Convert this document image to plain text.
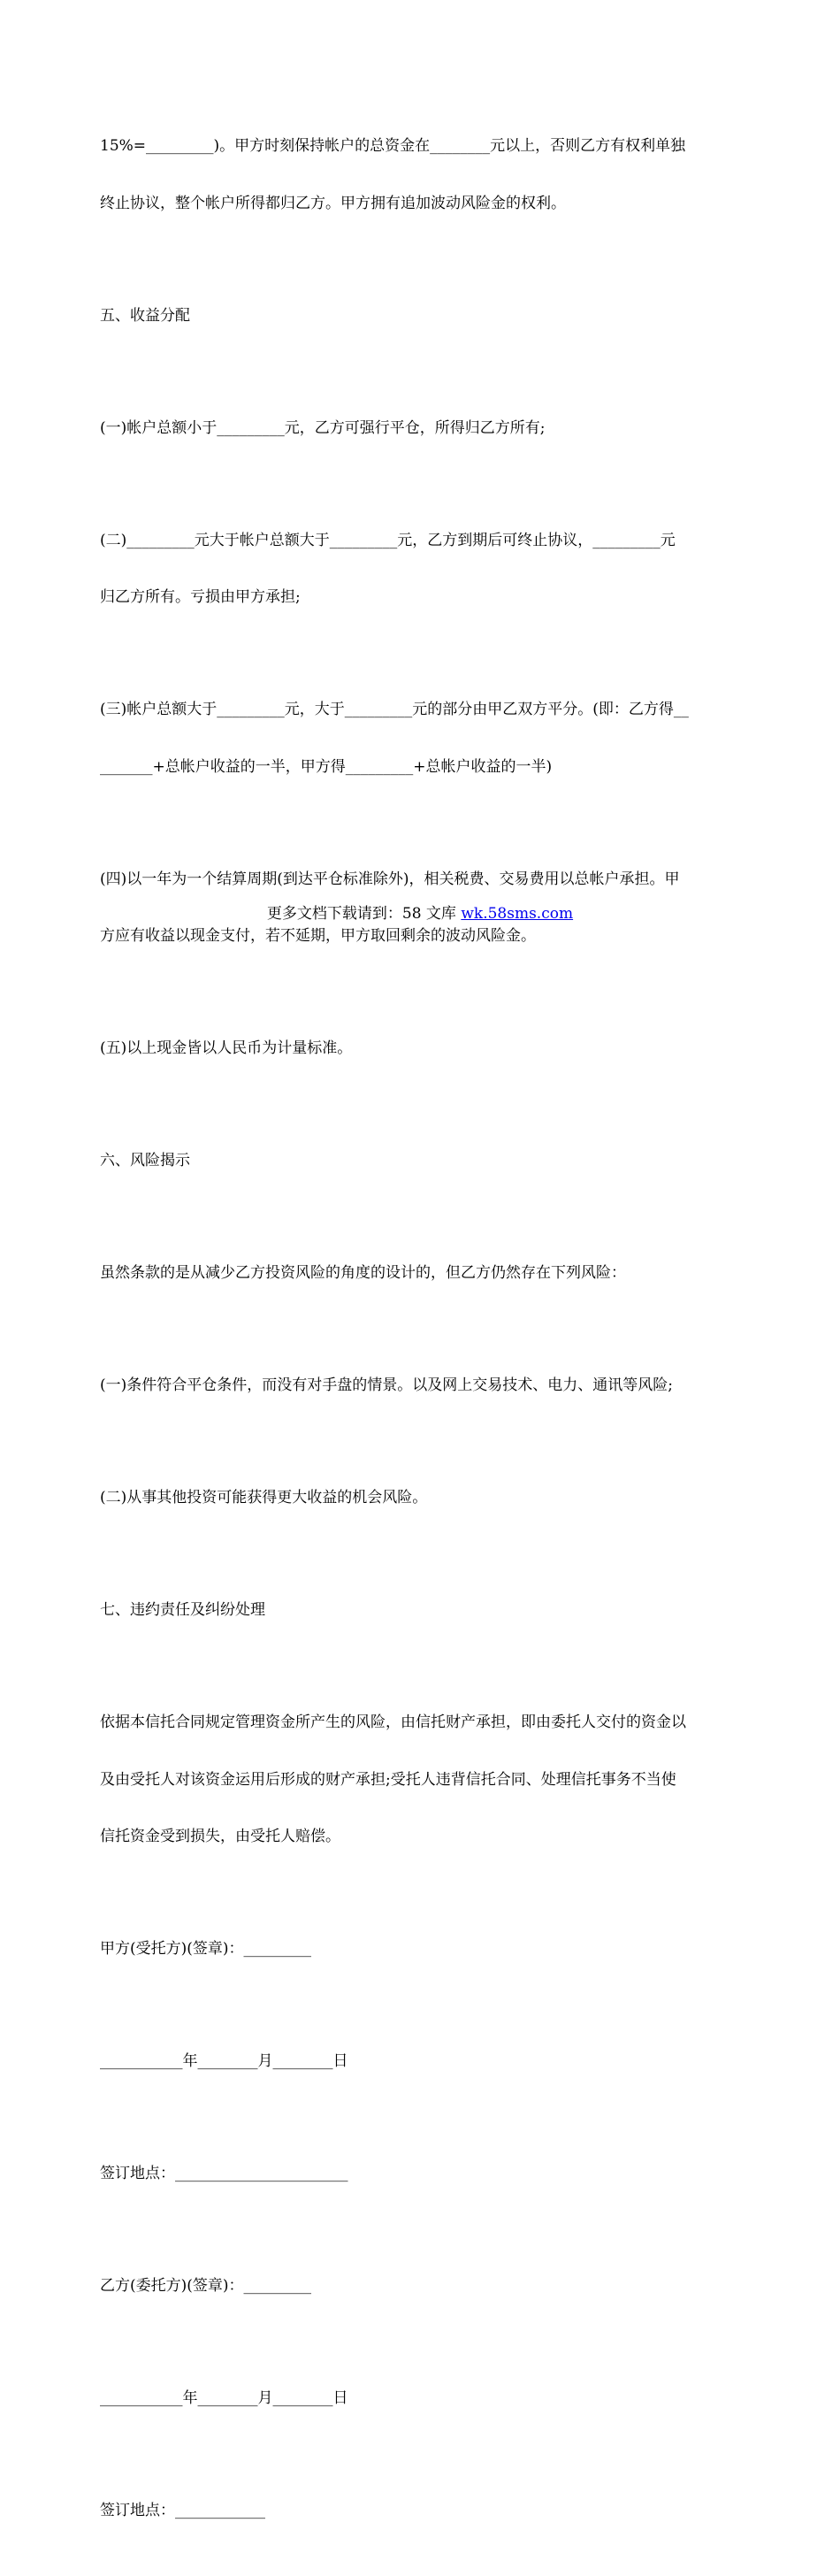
15%=_________)。甲方时刻保持帐户的总资金在________元以上，否则乙方有权利单独

终止协议，整个帐户所得都归乙方。甲方拥有追加波动风险金的权利。

五、收益分配

(一)帐户总额小于_________元，乙方可强行平仓，所得归乙方所有;

(二)_________元大于帐户总额大于_________元，乙方到期后可终止协议，_________元

归乙方所有。亏损由甲方承担;

(三)帐户总额大于_________元，大于_________元的部分由甲乙双方平分。(即：乙方得__

_______+总帐户收益的一半，甲方得_________+总帐户收益的一半)

(四)以一年为一个结算周期(到达平仓标准除外)，相关税费、交易费用以总帐户承担。甲

方应有收益以现金支付，若不延期，甲方取回剩余的波动风险金。

(五)以上现金皆以人民币为计量标准。

六、风险揭示

虽然条款的是从减少乙方投资风险的角度的设计的，但乙方仍然存在下列风险：

(一)条件符合平仓条件，而没有对手盘的情景。以及网上交易技术、电力、通讯等风险;

(二)从事其他投资可能获得更大收益的机会风险。

七、违约责任及纠纷处理

依据本信托合同规定管理资金所产生的风险，由信托财产承担，即由委托人交付的资金以

及由受托人对该资金运用后形成的财产承担;受托人违背信托合同、处理信托事务不当使

信托资金受到损失，由受托人赔偿。

甲方(受托方)(签章)：_________

___________年________月________日

签订地点：_______________________

乙方(委托方)(签章)：_________

___________年________月________日

签订地点：____________

更多文档下载请到：58 文库 wk.58sms.com
